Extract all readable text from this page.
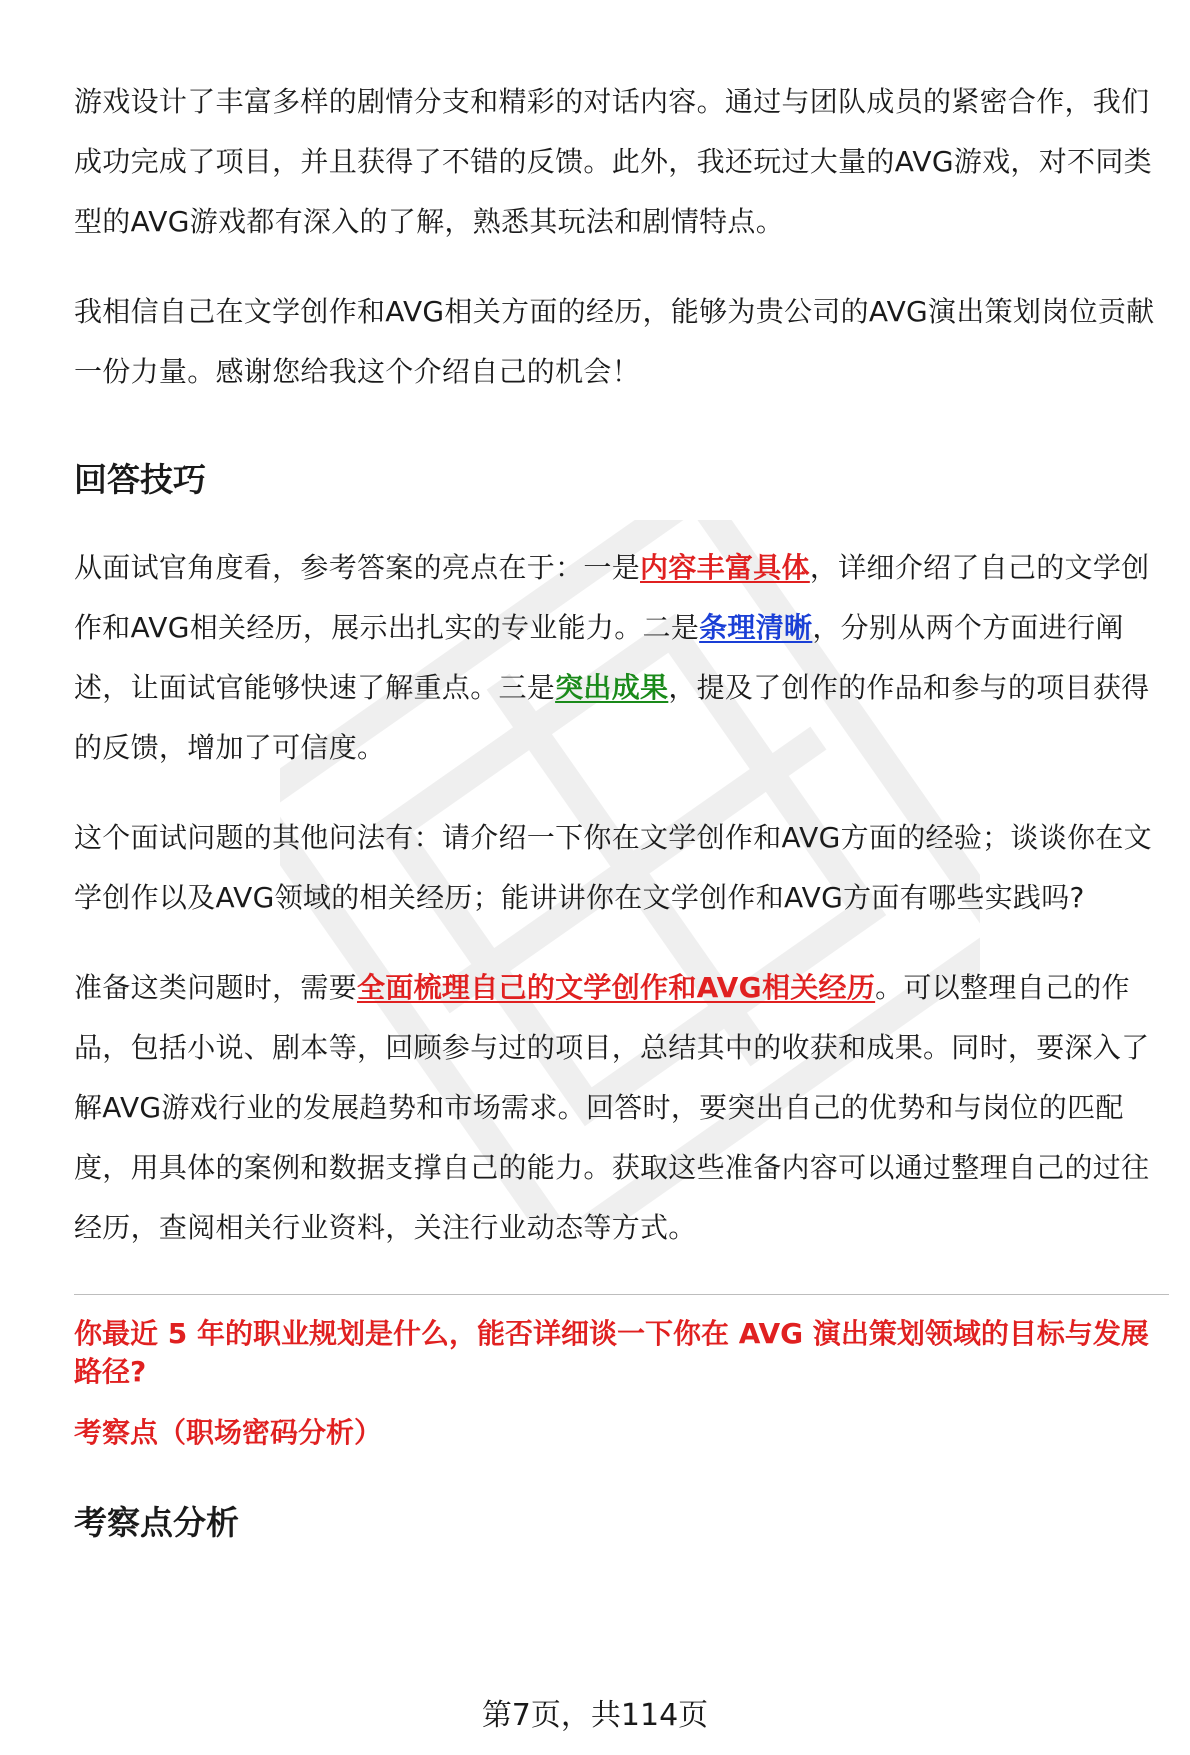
游戏设计了丰富多样的剧情分支和精彩的对话内容。通过与团队成员的紧密合作，我们成功完成了项目，并且获得了不错的反馈。此外，我还玩过大量的AVG游戏，对不同类型的AVG游戏都有深入的了解，熟悉其玩法和剧情特点。

我相信自己在文学创作和AVG相关方面的经历，能够为贵公司的AVG演出策划岗位贡献一份力量。感谢您给我这个介绍自己的机会！

回答技巧

从面试官角度看，参考答案的亮点在于：一是内容丰富具体，详细介绍了自己的文学创作和AVG相关经历，展示出扎实的专业能力。二是条理清晰，分别从两个方面进行阐述，让面试官能够快速了解重点。三是突出成果，提及了创作的作品和参与的项目获得的反馈，增加了可信度。

这个面试问题的其他问法有：请介绍一下你在文学创作和AVG方面的经验；谈谈你在文学创作以及AVG领域的相关经历；能讲讲你在文学创作和AVG方面有哪些实践吗?

准备这类问题时，需要全面梳理自己的文学创作和AVG相关经历。可以整理自己的作品，包括小说、剧本等，回顾参与过的项目，总结其中的收获和成果。同时，要深入了解AVG游戏行业的发展趋势和市场需求。回答时，要突出自己的优势和与岗位的匹配度，用具体的案例和数据支撑自己的能力。获取这些准备内容可以通过整理自己的过往经历，查阅相关行业资料，关注行业动态等方式。

你最近 5 年的职业规划是什么，能否详细谈一下你在 AVG 演出策划领域的目标与发展路径?

考察点（职场密码分析）

考察点分析
第7页，共114页
